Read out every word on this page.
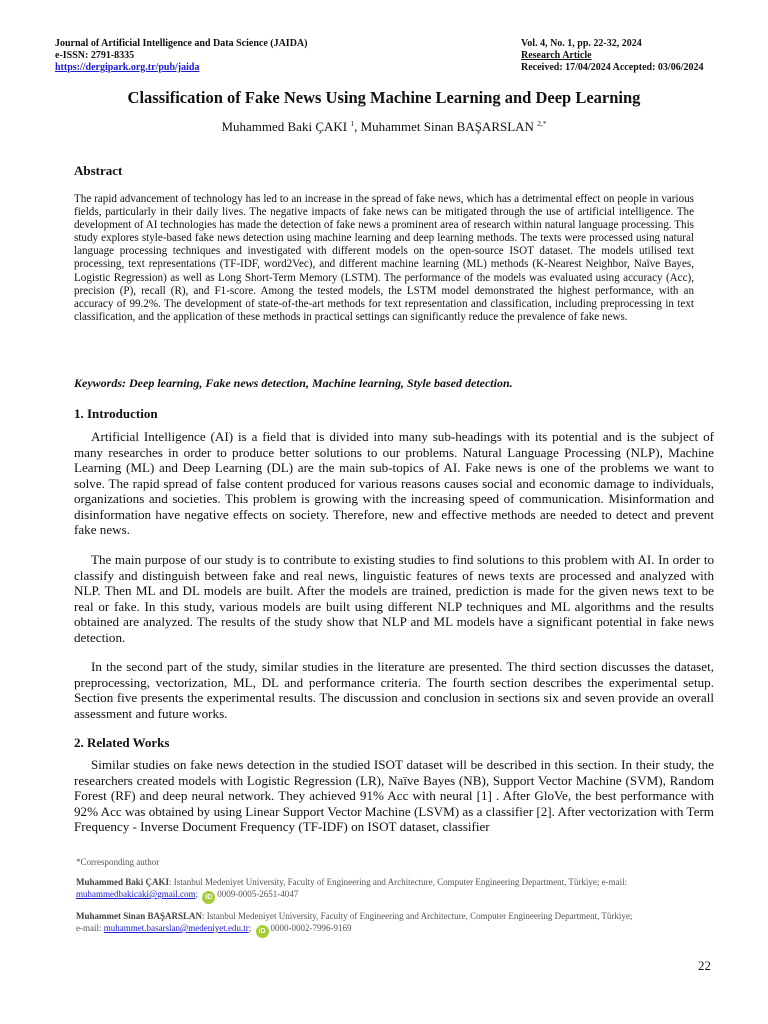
Journal of Artificial Intelligence and Data Science (JAIDA)
e-ISSN: 2791-8335
https://dergipark.org.tr/pub/jaida
Vol. 4, No. 1, pp. 22-32, 2024
Research Article
Received: 17/04/2024 Accepted: 03/06/2024
Classification of Fake News Using Machine Learning and Deep Learning
Muhammed Baki ÇAKI $^1$, Muhammet Sinan BAŞARSLAN $^{2,*}$
Abstract
The rapid advancement of technology has led to an increase in the spread of fake news, which has a detrimental effect on people in various fields, particularly in their daily lives. The negative impacts of fake news can be mitigated through the use of artificial intelligence. The development of AI technologies has made the detection of fake news a prominent area of research within natural language processing. This study explores style-based fake news detection using machine learning and deep learning methods. The texts were processed using natural language processing techniques and investigated with different models on the open-source ISOT dataset. The models utilised text processing, text representations (TF-IDF, word2Vec), and different machine learning (ML) methods (K-Nearest Neighbor, Naïve Bayes, Logistic Regression) as well as Long Short-Term Memory (LSTM). The performance of the models was evaluated using accuracy (Acc), precision (P), recall (R), and F1-score. Among the tested models, the LSTM model demonstrated the highest performance, with an accuracy of 99.2%. The development of state-of-the-art methods for text representation and classification, including preprocessing in text classification, and the application of these methods in practical settings can significantly reduce the prevalence of fake news.
Keywords: Deep learning, Fake news detection, Machine learning, Style based detection.
1. Introduction
Artificial Intelligence (AI) is a field that is divided into many sub-headings with its potential and is the subject of many researches in order to produce better solutions to our problems. Natural Language Processing (NLP), Machine Learning (ML) and Deep Learning (DL) are the main sub-topics of AI. Fake news is one of the problems we want to solve. The rapid spread of false content produced for various reasons causes social and economic damage to individuals, organizations and societies. This problem is growing with the increasing speed of communication. Misinformation and disinformation have negative effects on society. Therefore, new and effective methods are needed to detect and prevent fake news.
The main purpose of our study is to contribute to existing studies to find solutions to this problem with AI. In order to classify and distinguish between fake and real news, linguistic features of news texts are processed and analyzed with NLP. Then ML and DL models are built. After the models are trained, prediction is made for the given news text to be real or fake. In this study, various models are built using different NLP techniques and ML algorithms and the results obtained are analyzed. The results of the study show that NLP and ML models have a significant potential in fake news detection.
In the second part of the study, similar studies in the literature are presented. The third section discusses the dataset, preprocessing, vectorization, ML, DL and performance criteria. The fourth section describes the experimental setup. Section five presents the experimental results. The discussion and conclusion in sections six and seven provide an overall assessment and future works.
2. Related Works
Similar studies on fake news detection in the studied ISOT dataset will be described in this section. In their study, the researchers created models with Logistic Regression (LR), Naïve Bayes (NB), Support Vector Machine (SVM), Random Forest (RF) and deep neural network. They achieved 91% Acc with neural [1] . After GloVe, the best performance with 92% Acc was obtained by using Linear Support Vector Machine (LSVM) as a classifier [2]. After vectorization with Term Frequency - Inverse Document Frequency (TF-IDF) on ISOT dataset, classifier
*Corresponding author
Muhammed Baki ÇAKI: Istanbul Medeniyet University, Faculty of Engineering and Architecture, Computer Engineering Department, Türkiye; e-mail:
muhammedbakicaki@gmail.com; iD 0009-0005-2651-4047
Muhammet Sinan BAŞARSLAN: Istanbul Medeniyet University, Faculty of Engineering and Architecture, Computer Engineering Department, Türkiye;
e-mail: muhammet.basarslan@medeniyet.edu.tr; iD 0000-0002-7996-9169
22
